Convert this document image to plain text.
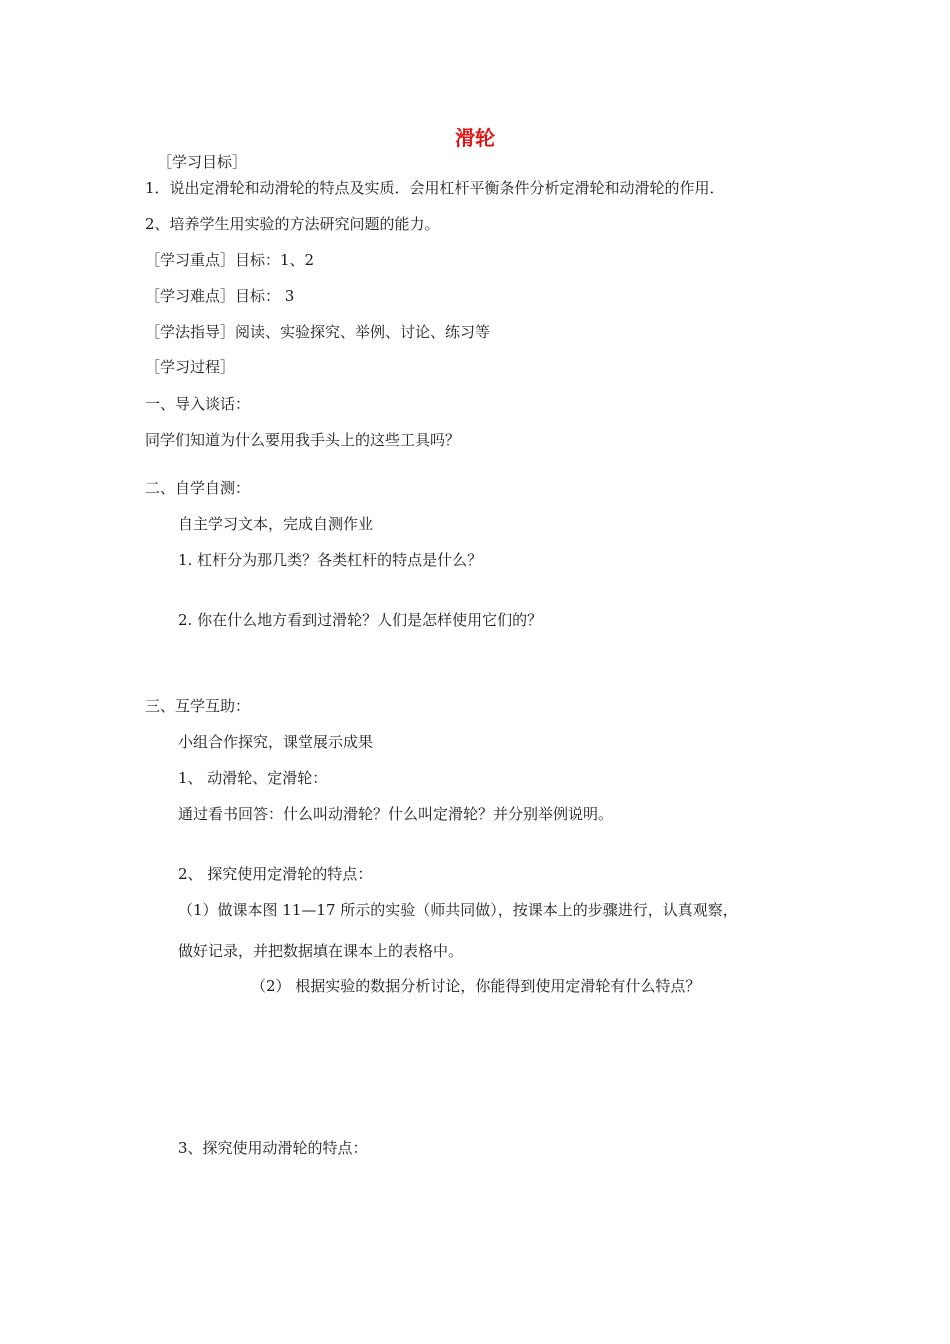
滑轮
［学习目标］
1．说出定滑轮和动滑轮的特点及实质．会用杠杆平衡条件分析定滑轮和动滑轮的作用．
2、培养学生用实验的方法研究问题的能力。
［学习重点］目标：1、2
［学习难点］目标： 3
［学法指导］阅读、实验探究、举例、讨论、练习等
［学习过程］
一、导入谈话：
同学们知道为什么要用我手头上的这些工具吗？
二、自学自测：
自主学习文本，完成自测作业
1. 杠杆分为那几类？各类杠杆的特点是什么？
2. 你在什么地方看到过滑轮？人们是怎样使用它们的？
三、互学互助：
小组合作探究，课堂展示成果
1、 动滑轮、定滑轮：
通过看书回答：什么叫动滑轮？什么叫定滑轮？并分别举例说明。
2、 探究使用定滑轮的特点：
（1）做课本图 11—17 所示的实验（师共同做），按课本上的步骤进行，认真观察，
做好记录，并把数据填在课本上的表格中。
（2） 根据实验的数据分析讨论，你能得到使用定滑轮有什么特点？
3、探究使用动滑轮的特点：
